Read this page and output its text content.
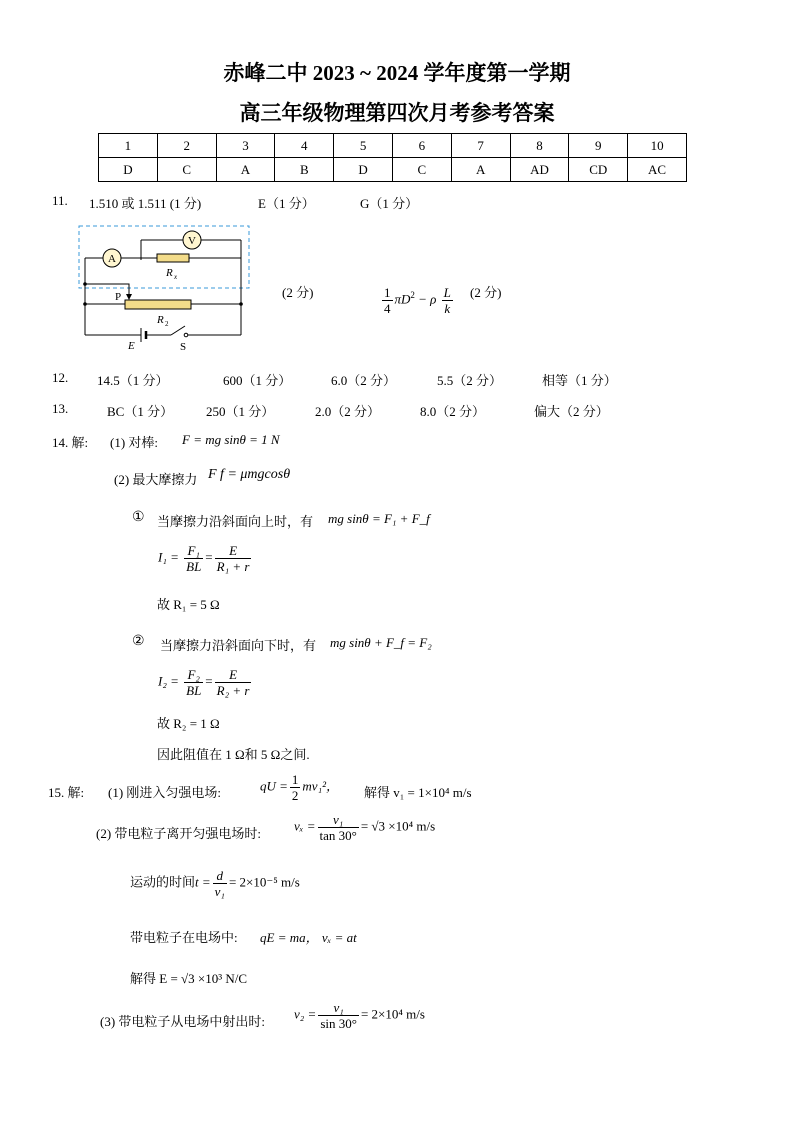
赤峰二中 2023 ~ 2024 学年度第一学期
高三年级物理第四次月考参考答案
1	2	3	4	5	6	7	8	9	10
D	C	A	B	D	C	A	AD	CD	AC
11. 1.510 或 1.511 (1 分)	E（1 分）	G（1 分）
A
V
R x
P
R 2
E	S
(2 分)	$\frac{1}{4} \pi D^2 - \rho \frac{L}{k} (2$ 分)
12. 14.5（1 分）	600（1 分）	6.0（2 分）	5.5（2 分）	相等（1 分）
13.	BC（1 分）	250（1 分）	2.0（2 分）	8.0（2 分）	偏大（2 分）
14. 解: (1) 对棒: F = mg sinθ = 1 N
(2) 最大摩擦力 F f = μmgcosθ
① 当摩擦力沿斜面向上时，有 mg sinθ = F₁ + F_f
$I_1 = \frac{\text{F₁}}{BL} = \frac{E}{\text{R₁ + r}}$
故 R₁ = 5 Ω
② 当摩擦力沿斜面向下时，有 mg sinθ + F_f = F₂
$I_2 = \frac{\text{F₂}}{BL} = \frac{E}{\text{R₂ + r}}$
故 R₂ = 1 Ω
因此阻值在 1 Ω和 5 Ω之间.
15. 解: (1) 刚进入匀强电场:	qU = $\frac{1}{2} mv_1^2$， 解得 v₁ = 1×10⁴ m/s
(2) 带电粒子离开匀强电场时:
$v_x = \frac{\text{v₁}}{\tan 30^\circ} = √3 \times 10^4$ m/s
运动的时间$t = \frac{d}{\text{v₁}} = 2\times 10^{-5}$ m/s
带电粒子在电场中: qE = ma， vₓ = at
解得 E = √3 ×10³ N/C
(3) 带电粒子从电场中射出时:
$v_2 = \frac{\text{v₁}}{\sin 30^\circ} = 2\times 10^4$ m/s
